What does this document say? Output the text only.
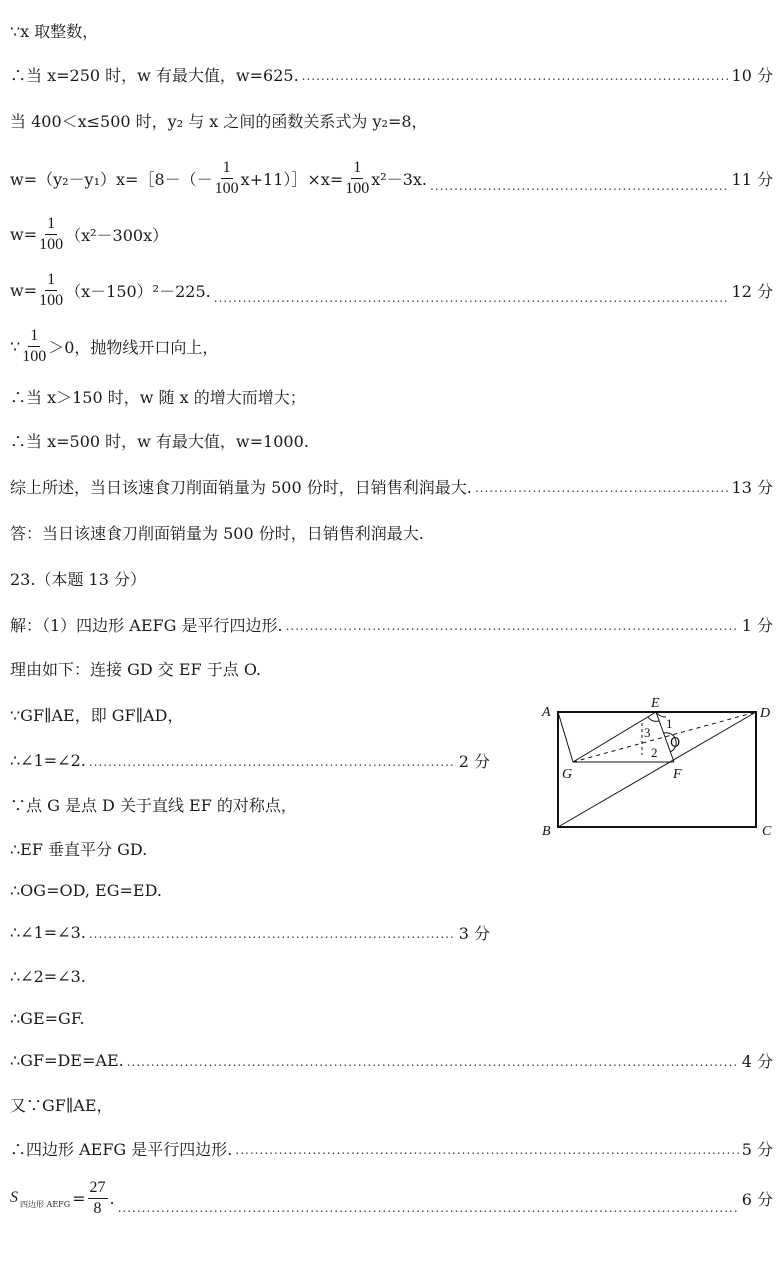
∵x 取整数，
∴当 x=250 时，w 有最大值，w=625. .....	10 分
当 400＜x≤500 时，y₂ 与 x 之间的函数关系式为 y₂=8，
w=（y₂－y₁）x=［8－（－ $\frac{1}{100}$ x+11）］×x= $\frac{1}{100} x^2-3x$. .....	11 分
$w= \frac{1}{100} (x^2-300x)$
$w= \frac{1}{100} (x-150)^2-225$. .....	12 分
∵ $\frac{1}{100} >0$，抛物线开口向上，
∴当 x＞150 时，w 随 x 的增大而增大；
∴当 x=500 时，w 有最大值，w=1000.
综上所述，当日该速食刀削面销量为 500 份时，日销售利润最大. .....	13 分
答：当日该速食刀削面销量为 500 份时，日销售利润最大.
23.（本题 13 分）
解：（1）四边形 AEFG 是平行四边形. .....	1 分
理由如下：连接 GD 交 EF 于点 O.
∵GF∥AE，即 GF∥AD，
∴∠1=∠2. .....	2 分
∵点 G 是点 D 关于直线 EF 的对称点，
∴EF 垂直平分 GD.
∴OG=OD, EG=ED.
∴∠1=∠3. .....	3 分
∴∠2=∠3.
∴GE=GF.
∴GF=DE=AE. .....	4 分
又∵GF∥AE，
∴四边形 AEFG 是平行四边形. .....	5 分
S 四边形 AEFG = $\frac{27}{8}$ .
.....	6 分
A
E
D
G	F
B	C
O
1
2
3
